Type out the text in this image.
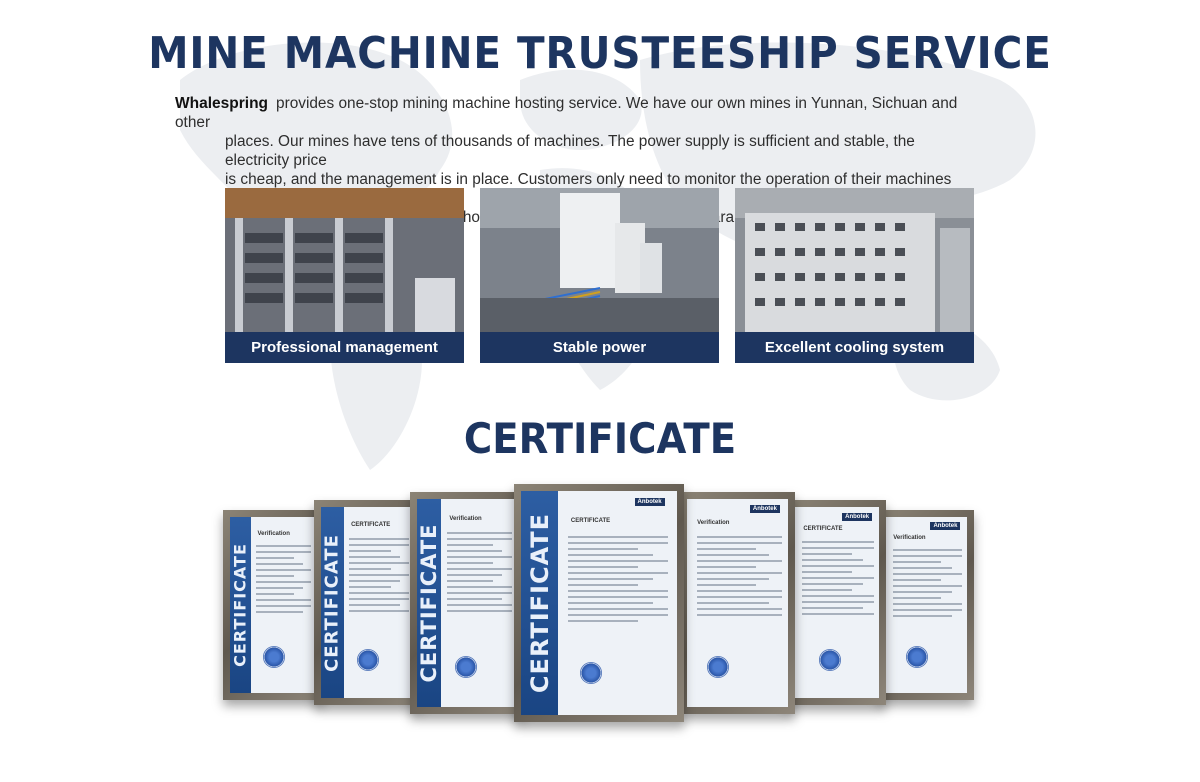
MINE MACHINE TRUSTEESHIP SERVICE

Whalespring provides one-stop mining machine hosting service. We have our own mines in Yunnan, Sichuan and other
places. Our mines have tens of thousands of machines. The power supply is sufficient and stable, the electricity price
is cheap, and the management is in place. Customers only need to monitor the operation of their machines
guarantee

Professional management	Stable power	Excellent cooling system
CERTIFICATE
CERTIFICATE
Verification CERTIFICATE
CERTIFICATE CERTIFICATE
Verification CERTIFICATE
Anbotek
CERTIFICATE
Anbotek
Verification
Anbotek
CERTIFICATE	Anbotek
Verification
